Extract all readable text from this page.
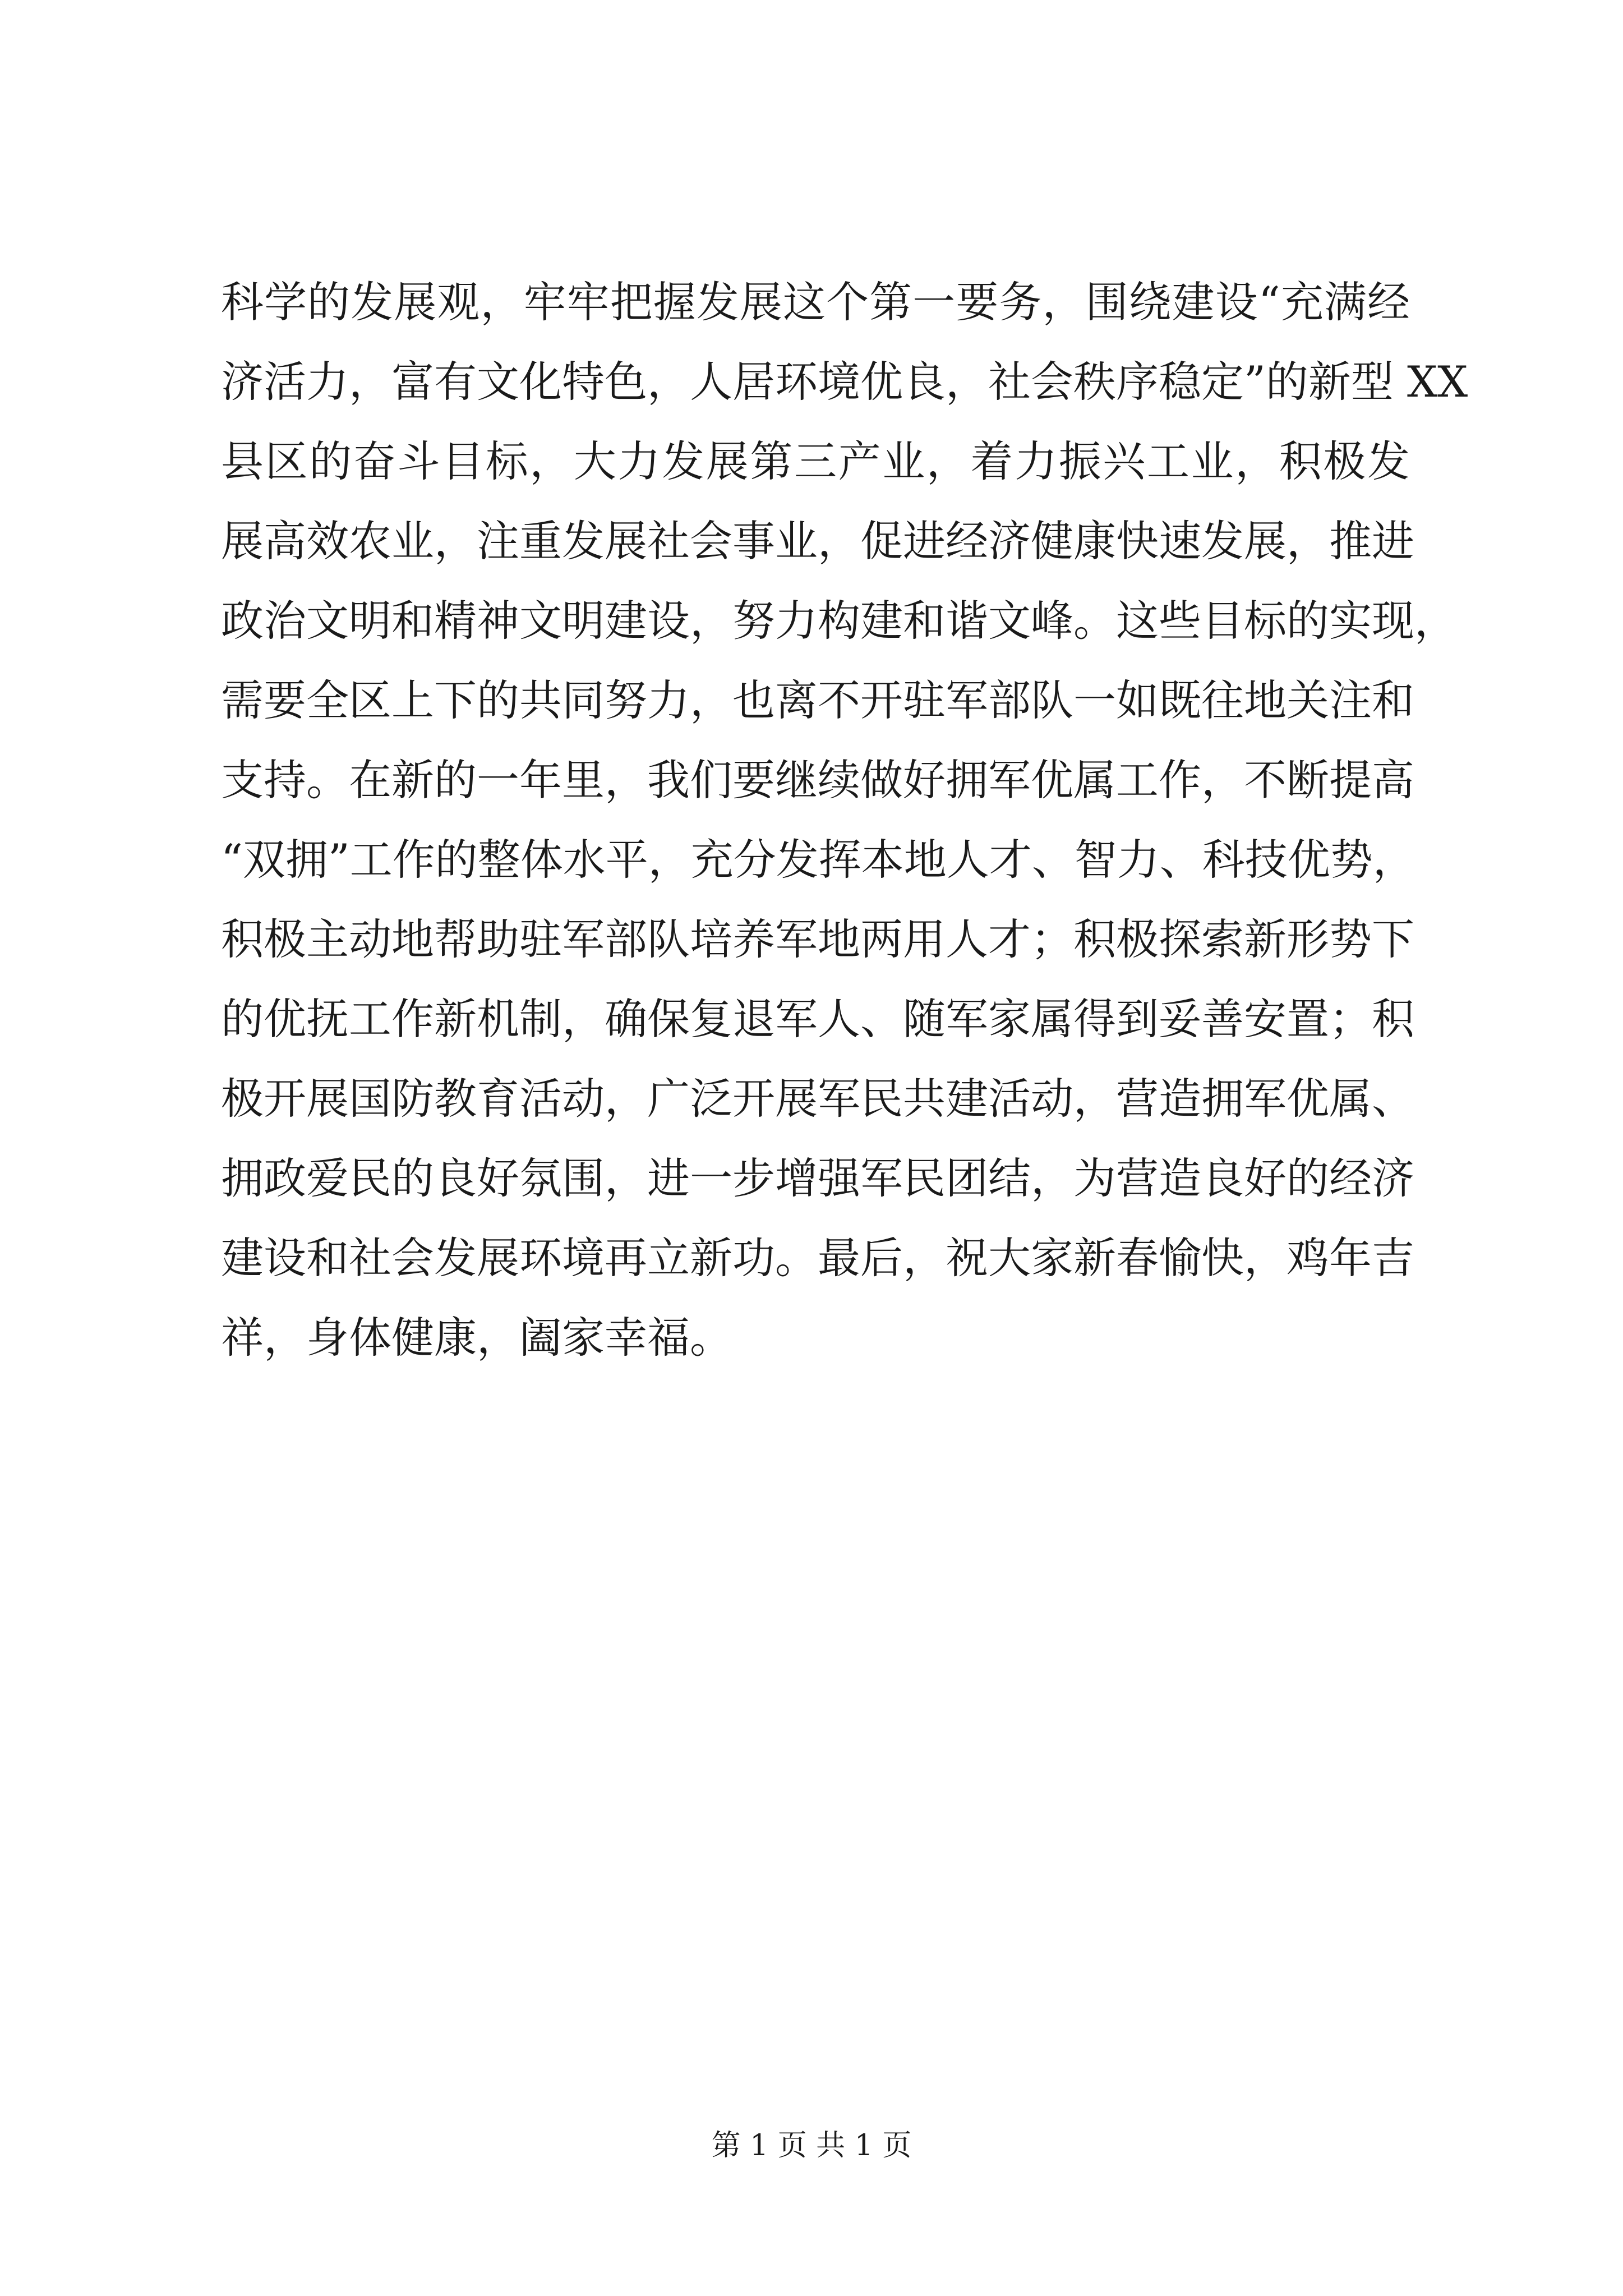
科学的发展观，牢牢把握发展这个第一要务，围绕建设“充满经
济活力，富有文化特色，人居环境优良，社会秩序稳定”的新型 XX
县区的奋斗目标，大力发展第三产业，着力振兴工业，积极发
展高效农业，注重发展社会事业，促进经济健康快速发展，推进
政治文明和精神文明建设，努力构建和谐文峰。这些目标的实现，
需要全区上下的共同努力，也离不开驻军部队一如既往地关注和
支持。在新的一年里，我们要继续做好拥军优属工作，不断提高
“双拥”工作的整体水平，充分发挥本地人才、智力、科技优势，
积极主动地帮助驻军部队培养军地两用人才；积极探索新形势下
的优抚工作新机制，确保复退军人、随军家属得到妥善安置；积
极开展国防教育活动，广泛开展军民共建活动，营造拥军优属、
拥政爱民的良好氛围，进一步增强军民团结，为营造良好的经济
建设和社会发展环境再立新功。最后，祝大家新春愉快，鸡年吉
祥，身体健康，阖家幸福。
第 1 页 共 1 页
